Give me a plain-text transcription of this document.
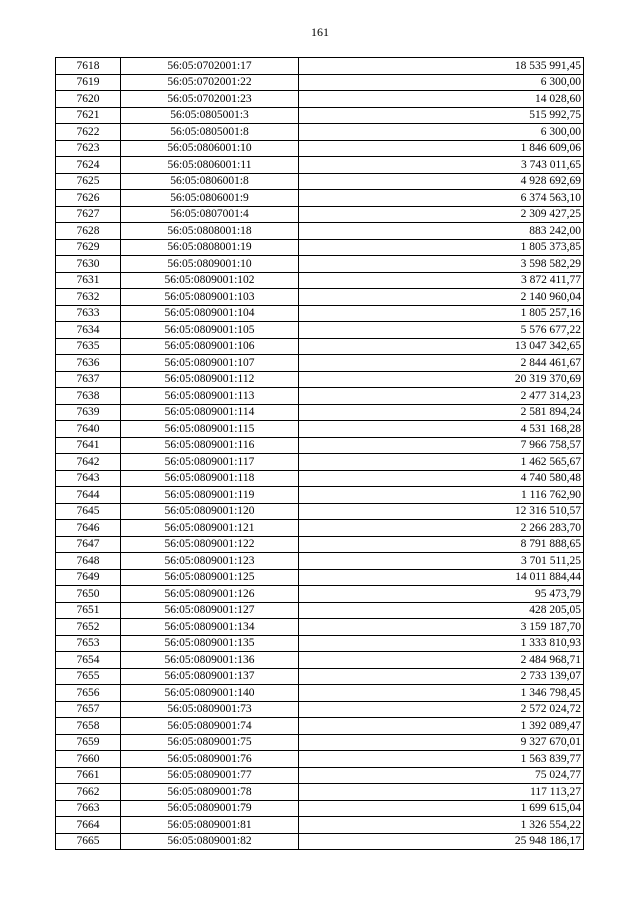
161
7618	56:05:0702001:17	18 535 991,45
7619	56:05:0702001:22	6 300,00
7620	56:05:0702001:23	14 028,60
7621	56:05:0805001:3	515 992,75
7622	56:05:0805001:8	6 300,00
7623	56:05:0806001:10	1 846 609,06
7624	56:05:0806001:11	3 743 011,65
7625	56:05:0806001:8	4 928 692,69
7626	56:05:0806001:9	6 374 563,10
7627	56:05:0807001:4	2 309 427,25
7628	56:05:0808001:18	883 242,00
7629	56:05:0808001:19	1 805 373,85
7630	56:05:0809001:10	3 598 582,29
7631	56:05:0809001:102	3 872 411,77
7632	56:05:0809001:103	2 140 960,04
7633	56:05:0809001:104	1 805 257,16
7634	56:05:0809001:105	5 576 677,22
7635	56:05:0809001:106	13 047 342,65
7636	56:05:0809001:107	2 844 461,67
7637	56:05:0809001:112	20 319 370,69
7638	56:05:0809001:113	2 477 314,23
7639	56:05:0809001:114	2 581 894,24
7640	56:05:0809001:115	4 531 168,28
7641	56:05:0809001:116	7 966 758,57
7642	56:05:0809001:117	1 462 565,67
7643	56:05:0809001:118	4 740 580,48
7644	56:05:0809001:119	1 116 762,90
7645	56:05:0809001:120	12 316 510,57
7646	56:05:0809001:121	2 266 283,70
7647	56:05:0809001:122	8 791 888,65
7648	56:05:0809001:123	3 701 511,25
7649	56:05:0809001:125	14 011 884,44
7650	56:05:0809001:126	95 473,79
7651	56:05:0809001:127	428 205,05
7652	56:05:0809001:134	3 159 187,70
7653	56:05:0809001:135	1 333 810,93
7654	56:05:0809001:136	2 484 968,71
7655	56:05:0809001:137	2 733 139,07
7656	56:05:0809001:140	1 346 798,45
7657	56:05:0809001:73	2 572 024,72
7658	56:05:0809001:74	1 392 089,47
7659	56:05:0809001:75	9 327 670,01
7660	56:05:0809001:76	1 563 839,77
7661	56:05:0809001:77	75 024,77
7662	56:05:0809001:78	117 113,27
7663	56:05:0809001:79	1 699 615,04
7664	56:05:0809001:81	1 326 554,22
7665	56:05:0809001:82	25 948 186,17
